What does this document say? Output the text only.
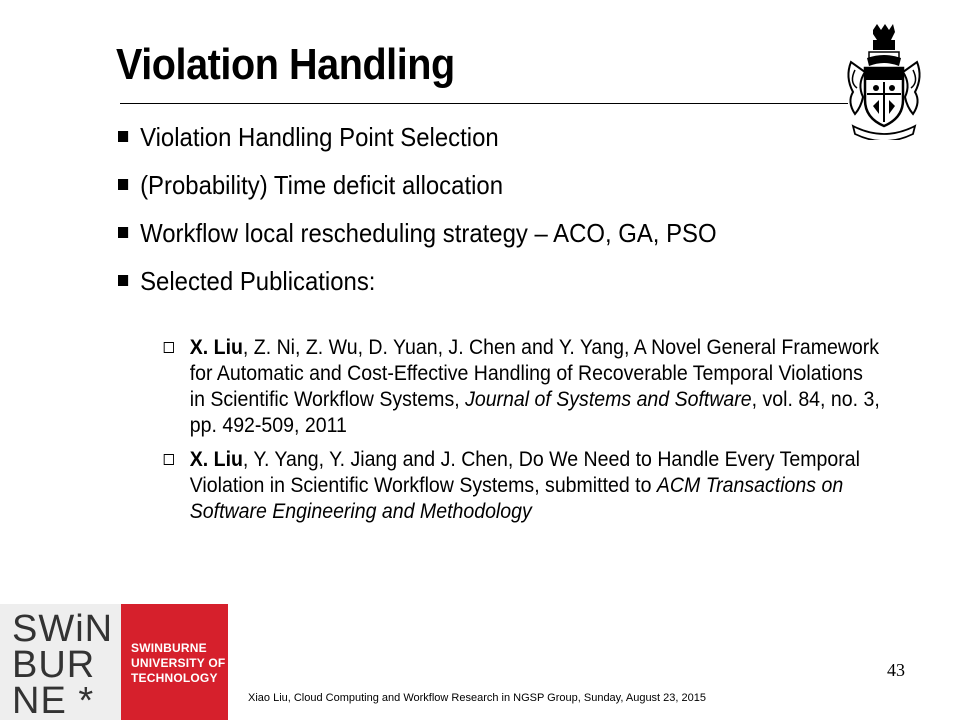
Violation Handling
Violation Handling Point Selection
(Probability) Time deficit allocation
Workflow local rescheduling strategy – ACO, GA, PSO
Selected Publications:
X. Liu, Z. Ni, Z. Wu, D. Yuan, J. Chen and Y. Yang, A Novel General Framework for Automatic and Cost-Effective Handling of Recoverable Temporal Violations in Scientific Workflow Systems, Journal of Systems and Software, vol. 84, no. 3, pp. 492-509, 2011
X. Liu, Y. Yang, Y. Jiang and J. Chen, Do We Need to Handle Every Temporal Violation in Scientific Workflow Systems, submitted to ACM Transactions on Software Engineering and Methodology
SWiN
BUR
NE *
SWINBURNE
UNIVERSITY OF
TECHNOLOGY	43
Xiao Liu, Cloud Computing and Workflow Research in NGSP Group, Sunday, August 23, 2015
